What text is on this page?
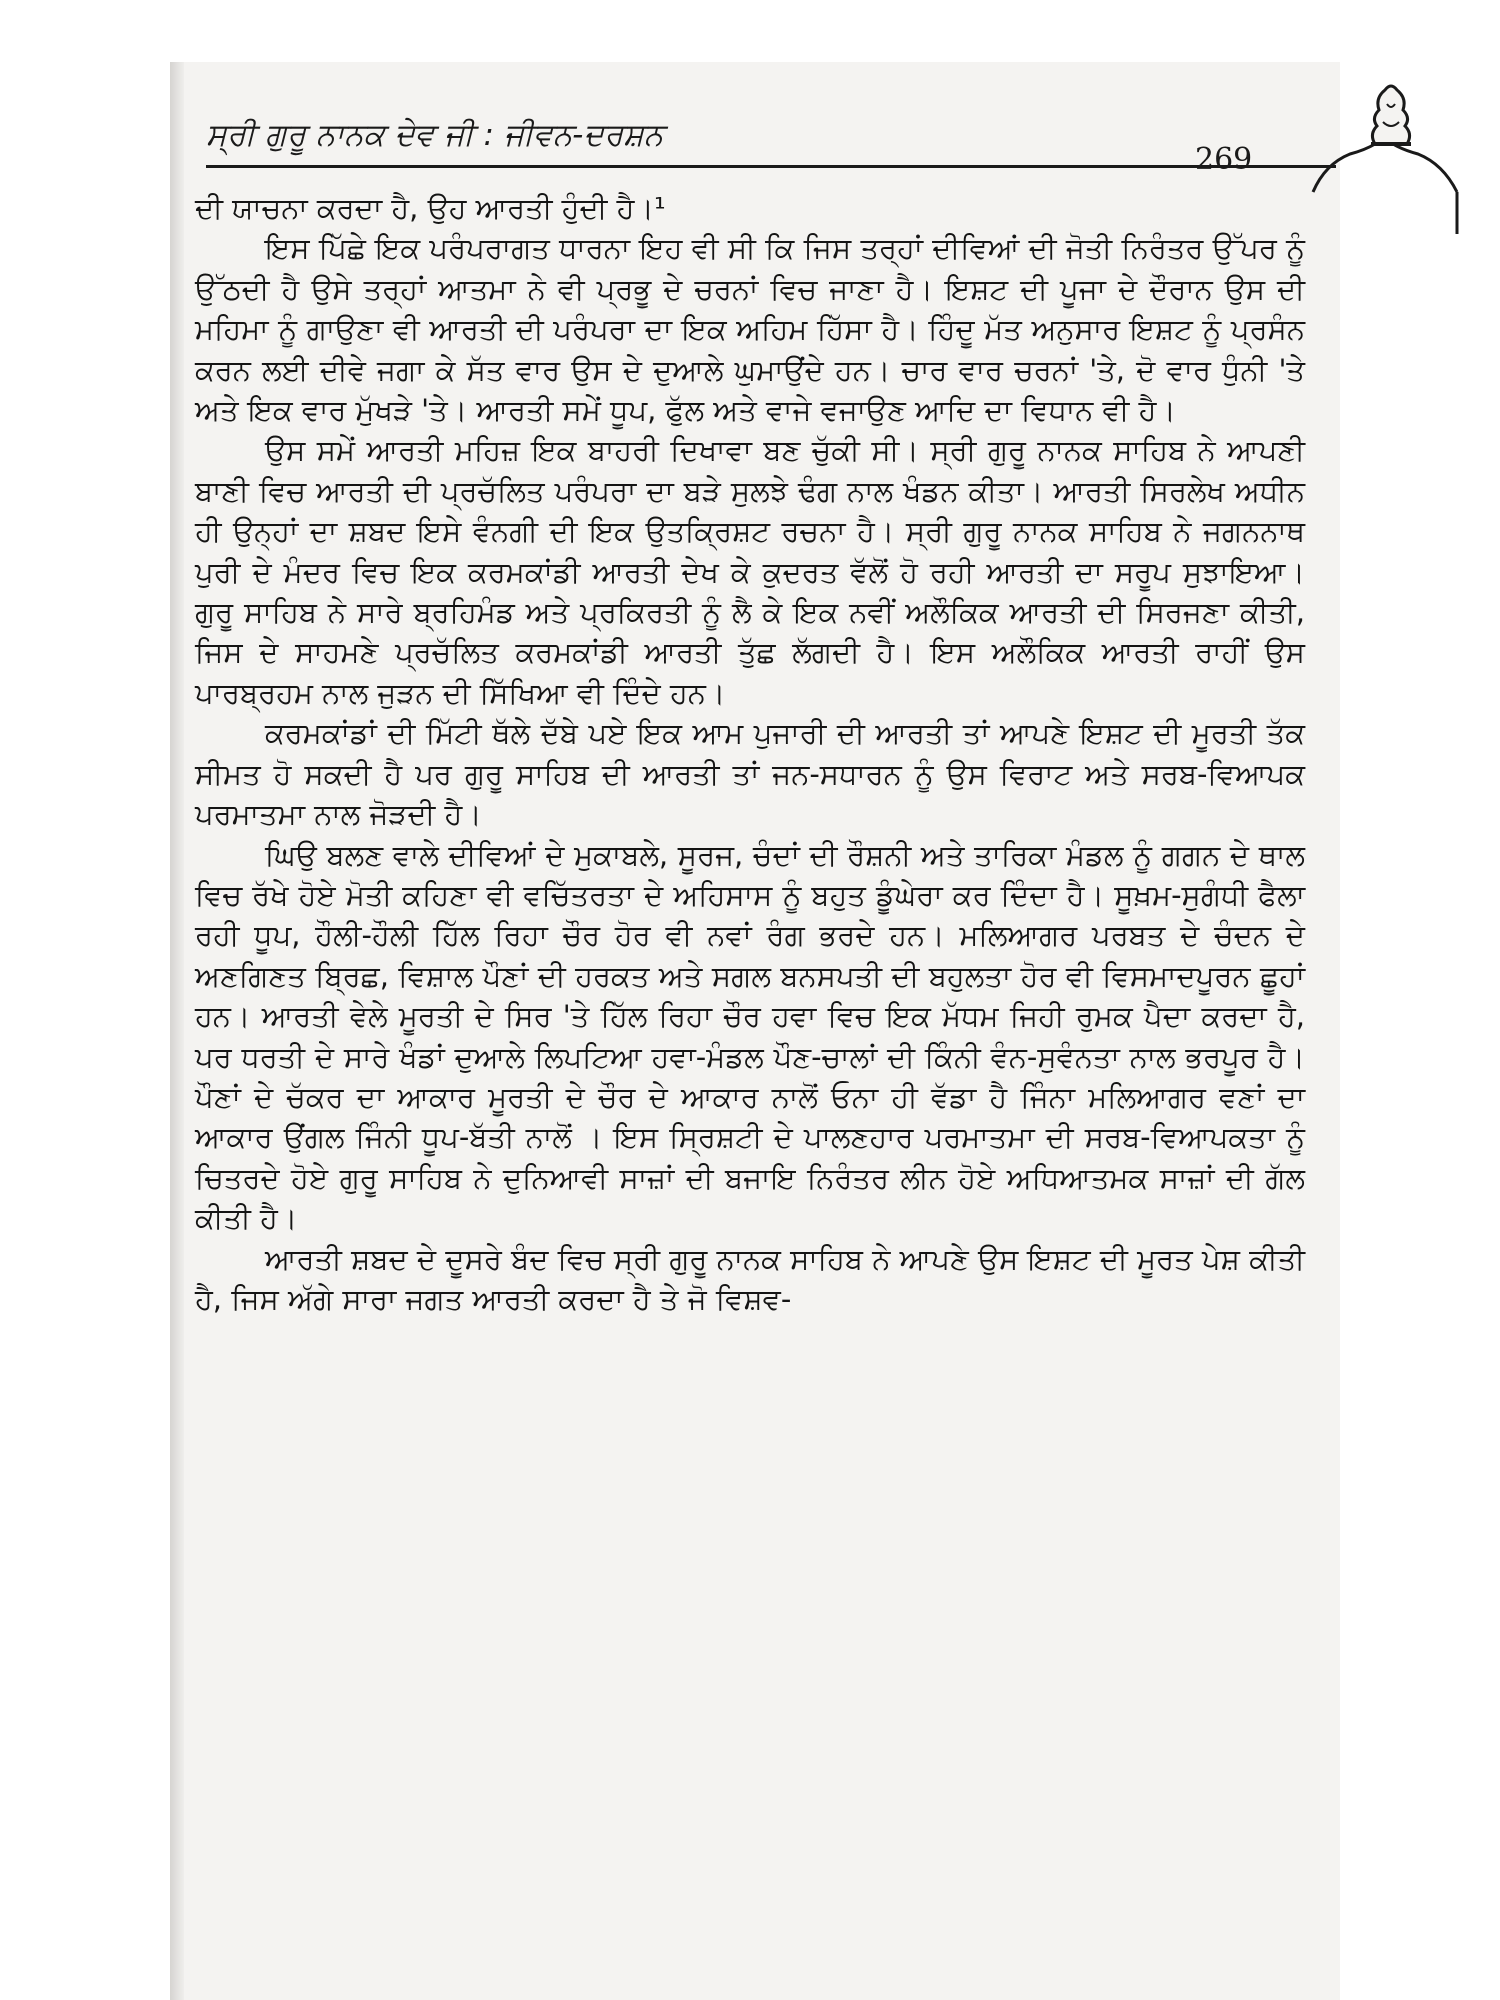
ਸ੍ਰੀ ਗੁਰੂ ਨਾਨਕ ਦੇਵ ਜੀ : ਜੀਵਨ-ਦਰਸ਼ਨ
269

ਦੀ ਯਾਚਨਾ ਕਰਦਾ ਹੈ, ਉਹ ਆਰਤੀ ਹੁੰਦੀ ਹੈ।¹

ਇਸ ਪਿੱਛੇ ਇਕ ਪਰੰਪਰਾਗਤ ਧਾਰਨਾ ਇਹ ਵੀ ਸੀ ਕਿ ਜਿਸ ਤਰ੍ਹਾਂ ਦੀਵਿਆਂ ਦੀ ਜੋਤੀ ਨਿਰੰਤਰ ਉੱਪਰ ਨੂੰ ਉੱਠਦੀ ਹੈ ਉਸੇ ਤਰ੍ਹਾਂ ਆਤਮਾ ਨੇ ਵੀ ਪ੍ਰਭੂ ਦੇ ਚਰਨਾਂ ਵਿਚ ਜਾਣਾ ਹੈ। ਇਸ਼ਟ ਦੀ ਪੂਜਾ ਦੇ ਦੌਰਾਨ ਉਸ ਦੀ ਮਹਿਮਾ ਨੂੰ ਗਾਉਣਾ ਵੀ ਆਰਤੀ ਦੀ ਪਰੰਪਰਾ ਦਾ ਇਕ ਅਹਿਮ ਹਿੱਸਾ ਹੈ। ਹਿੰਦੂ ਮੱਤ ਅਨੁਸਾਰ ਇਸ਼ਟ ਨੂੰ ਪ੍ਰਸੰਨ ਕਰਨ ਲਈ ਦੀਵੇ ਜਗਾ ਕੇ ਸੱਤ ਵਾਰ ਉਸ ਦੇ ਦੁਆਲੇ ਘੁਮਾਉਂਦੇ ਹਨ। ਚਾਰ ਵਾਰ ਚਰਨਾਂ 'ਤੇ, ਦੋ ਵਾਰ ਧੁੰਨੀ 'ਤੇ ਅਤੇ ਇਕ ਵਾਰ ਮੁੱਖੜੇ 'ਤੇ। ਆਰਤੀ ਸਮੇਂ ਧੂਪ, ਫੁੱਲ ਅਤੇ ਵਾਜੇ ਵਜਾਉਣ ਆਦਿ ਦਾ ਵਿਧਾਨ ਵੀ ਹੈ।

ਉਸ ਸਮੇਂ ਆਰਤੀ ਮਹਿਜ਼ ਇਕ ਬਾਹਰੀ ਦਿਖਾਵਾ ਬਣ ਚੁੱਕੀ ਸੀ। ਸ੍ਰੀ ਗੁਰੂ ਨਾਨਕ ਸਾਹਿਬ ਨੇ ਆਪਣੀ ਬਾਣੀ ਵਿਚ ਆਰਤੀ ਦੀ ਪ੍ਰਚੱਲਿਤ ਪਰੰਪਰਾ ਦਾ ਬੜੇ ਸੁਲਝੇ ਢੰਗ ਨਾਲ ਖੰਡਨ ਕੀਤਾ। ਆਰਤੀ ਸਿਰਲੇਖ ਅਧੀਨ ਹੀ ਉਨ੍ਹਾਂ ਦਾ ਸ਼ਬਦ ਇਸੇ ਵੰਨਗੀ ਦੀ ਇਕ ਉਤਕ੍ਰਿਸ਼ਟ ਰਚਨਾ ਹੈ। ਸ੍ਰੀ ਗੁਰੂ ਨਾਨਕ ਸਾਹਿਬ ਨੇ ਜਗਨਨਾਥ ਪੁਰੀ ਦੇ ਮੰਦਰ ਵਿਚ ਇਕ ਕਰਮਕਾਂਡੀ ਆਰਤੀ ਦੇਖ ਕੇ ਕੁਦਰਤ ਵੱਲੋਂ ਹੋ ਰਹੀ ਆਰਤੀ ਦਾ ਸਰੂਪ ਸੁਝਾਇਆ। ਗੁਰੂ ਸਾਹਿਬ ਨੇ ਸਾਰੇ ਬ੍ਰਹਿਮੰਡ ਅਤੇ ਪ੍ਰਕਿਰਤੀ ਨੂੰ ਲੈ ਕੇ ਇਕ ਨਵੀਂ ਅਲੌਕਿਕ ਆਰਤੀ ਦੀ ਸਿਰਜਣਾ ਕੀਤੀ, ਜਿਸ ਦੇ ਸਾਹਮਣੇ ਪ੍ਰਚੱਲਿਤ ਕਰਮਕਾਂਡੀ ਆਰਤੀ ਤੁੱਛ ਲੱਗਦੀ ਹੈ। ਇਸ ਅਲੌਕਿਕ ਆਰਤੀ ਰਾਹੀਂ ਉਸ ਪਾਰਬ੍ਰਹਮ ਨਾਲ ਜੁੜਨ ਦੀ ਸਿੱਖਿਆ ਵੀ ਦਿੰਦੇ ਹਨ।

ਕਰਮਕਾਂਡਾਂ ਦੀ ਮਿੱਟੀ ਥੱਲੇ ਦੱਬੇ ਪਏ ਇਕ ਆਮ ਪੁਜਾਰੀ ਦੀ ਆਰਤੀ ਤਾਂ ਆਪਣੇ ਇਸ਼ਟ ਦੀ ਮੂਰਤੀ ਤੱਕ ਸੀਮਤ ਹੋ ਸਕਦੀ ਹੈ ਪਰ ਗੁਰੂ ਸਾਹਿਬ ਦੀ ਆਰਤੀ ਤਾਂ ਜਨ-ਸਧਾਰਨ ਨੂੰ ਉਸ ਵਿਰਾਟ ਅਤੇ ਸਰਬ-ਵਿਆਪਕ ਪਰਮਾਤਮਾ ਨਾਲ ਜੋੜਦੀ ਹੈ।

ਘਿਉ ਬਲਣ ਵਾਲੇ ਦੀਵਿਆਂ ਦੇ ਮੁਕਾਬਲੇ, ਸੂਰਜ, ਚੰਦਾਂ ਦੀ ਰੌਸ਼ਨੀ ਅਤੇ ਤਾਰਿਕਾ ਮੰਡਲ ਨੂੰ ਗਗਨ ਦੇ ਥਾਲ ਵਿਚ ਰੱਖੇ ਹੋਏ ਮੋਤੀ ਕਹਿਣਾ ਵੀ ਵਚਿੱਤਰਤਾ ਦੇ ਅਹਿਸਾਸ ਨੂੰ ਬਹੁਤ ਡੂੰਘੇਰਾ ਕਰ ਦਿੰਦਾ ਹੈ। ਸੂਖ਼ਮ-ਸੁਗੰਧੀ ਫੈਲਾ ਰਹੀ ਧੂਪ, ਹੌਲੀ-ਹੌਲੀ ਹਿੱਲ ਰਿਹਾ ਚੌਰ ਹੋਰ ਵੀ ਨਵਾਂ ਰੰਗ ਭਰਦੇ ਹਨ। ਮਲਿਆਗਰ ਪਰਬਤ ਦੇ ਚੰਦਨ ਦੇ ਅਣਗਿਣਤ ਬ੍ਰਿਛ, ਵਿਸ਼ਾਲ ਪੌਣਾਂ ਦੀ ਹਰਕਤ ਅਤੇ ਸਗਲ ਬਨਸਪਤੀ ਦੀ ਬਹੁਲਤਾ ਹੋਰ ਵੀ ਵਿਸਮਾਦਪੂਰਨ ਛੂਹਾਂ ਹਨ। ਆਰਤੀ ਵੇਲੇ ਮੂਰਤੀ ਦੇ ਸਿਰ 'ਤੇ ਹਿੱਲ ਰਿਹਾ ਚੌਰ ਹਵਾ ਵਿਚ ਇਕ ਮੱਧਮ ਜਿਹੀ ਰੁਮਕ ਪੈਦਾ ਕਰਦਾ ਹੈ, ਪਰ ਧਰਤੀ ਦੇ ਸਾਰੇ ਖੰਡਾਂ ਦੁਆਲੇ ਲਿਪਟਿਆ ਹਵਾ-ਮੰਡਲ ਪੌਣ-ਚਾਲਾਂ ਦੀ ਕਿੰਨੀ ਵੰਨ-ਸੁਵੰਨਤਾ ਨਾਲ ਭਰਪੂਰ ਹੈ। ਪੌਣਾਂ ਦੇ ਚੱਕਰ ਦਾ ਆਕਾਰ ਮੂਰਤੀ ਦੇ ਚੌਰ ਦੇ ਆਕਾਰ ਨਾਲੋਂ ਓਨਾ ਹੀ ਵੱਡਾ ਹੈ ਜਿੰਨਾ ਮਲਿਆਗਰ ਵਣਾਂ ਦਾ ਆਕਾਰ ਉਂਗਲ ਜਿੰਨੀ ਧੂਪ-ਬੱਤੀ ਨਾਲੋਂ । ਇਸ ਸ੍ਰਿਸ਼ਟੀ ਦੇ ਪਾਲਣਹਾਰ ਪਰਮਾਤਮਾ ਦੀ ਸਰਬ-ਵਿਆਪਕਤਾ ਨੂੰ ਚਿਤਰਦੇ ਹੋਏ ਗੁਰੂ ਸਾਹਿਬ ਨੇ ਦੁਨਿਆਵੀ ਸਾਜ਼ਾਂ ਦੀ ਬਜਾਇ ਨਿਰੰਤਰ ਲੀਨ ਹੋਏ ਅਧਿਆਤਮਕ ਸਾਜ਼ਾਂ ਦੀ ਗੱਲ ਕੀਤੀ ਹੈ।

ਆਰਤੀ ਸ਼ਬਦ ਦੇ ਦੂਸਰੇ ਬੰਦ ਵਿਚ ਸ੍ਰੀ ਗੁਰੂ ਨਾਨਕ ਸਾਹਿਬ ਨੇ ਆਪਣੇ ਉਸ ਇਸ਼ਟ ਦੀ ਮੂਰਤ ਪੇਸ਼ ਕੀਤੀ ਹੈ, ਜਿਸ ਅੱਗੇ ਸਾਰਾ ਜਗਤ ਆਰਤੀ ਕਰਦਾ ਹੈ ਤੇ ਜੋ ਵਿਸ਼ਵ-
